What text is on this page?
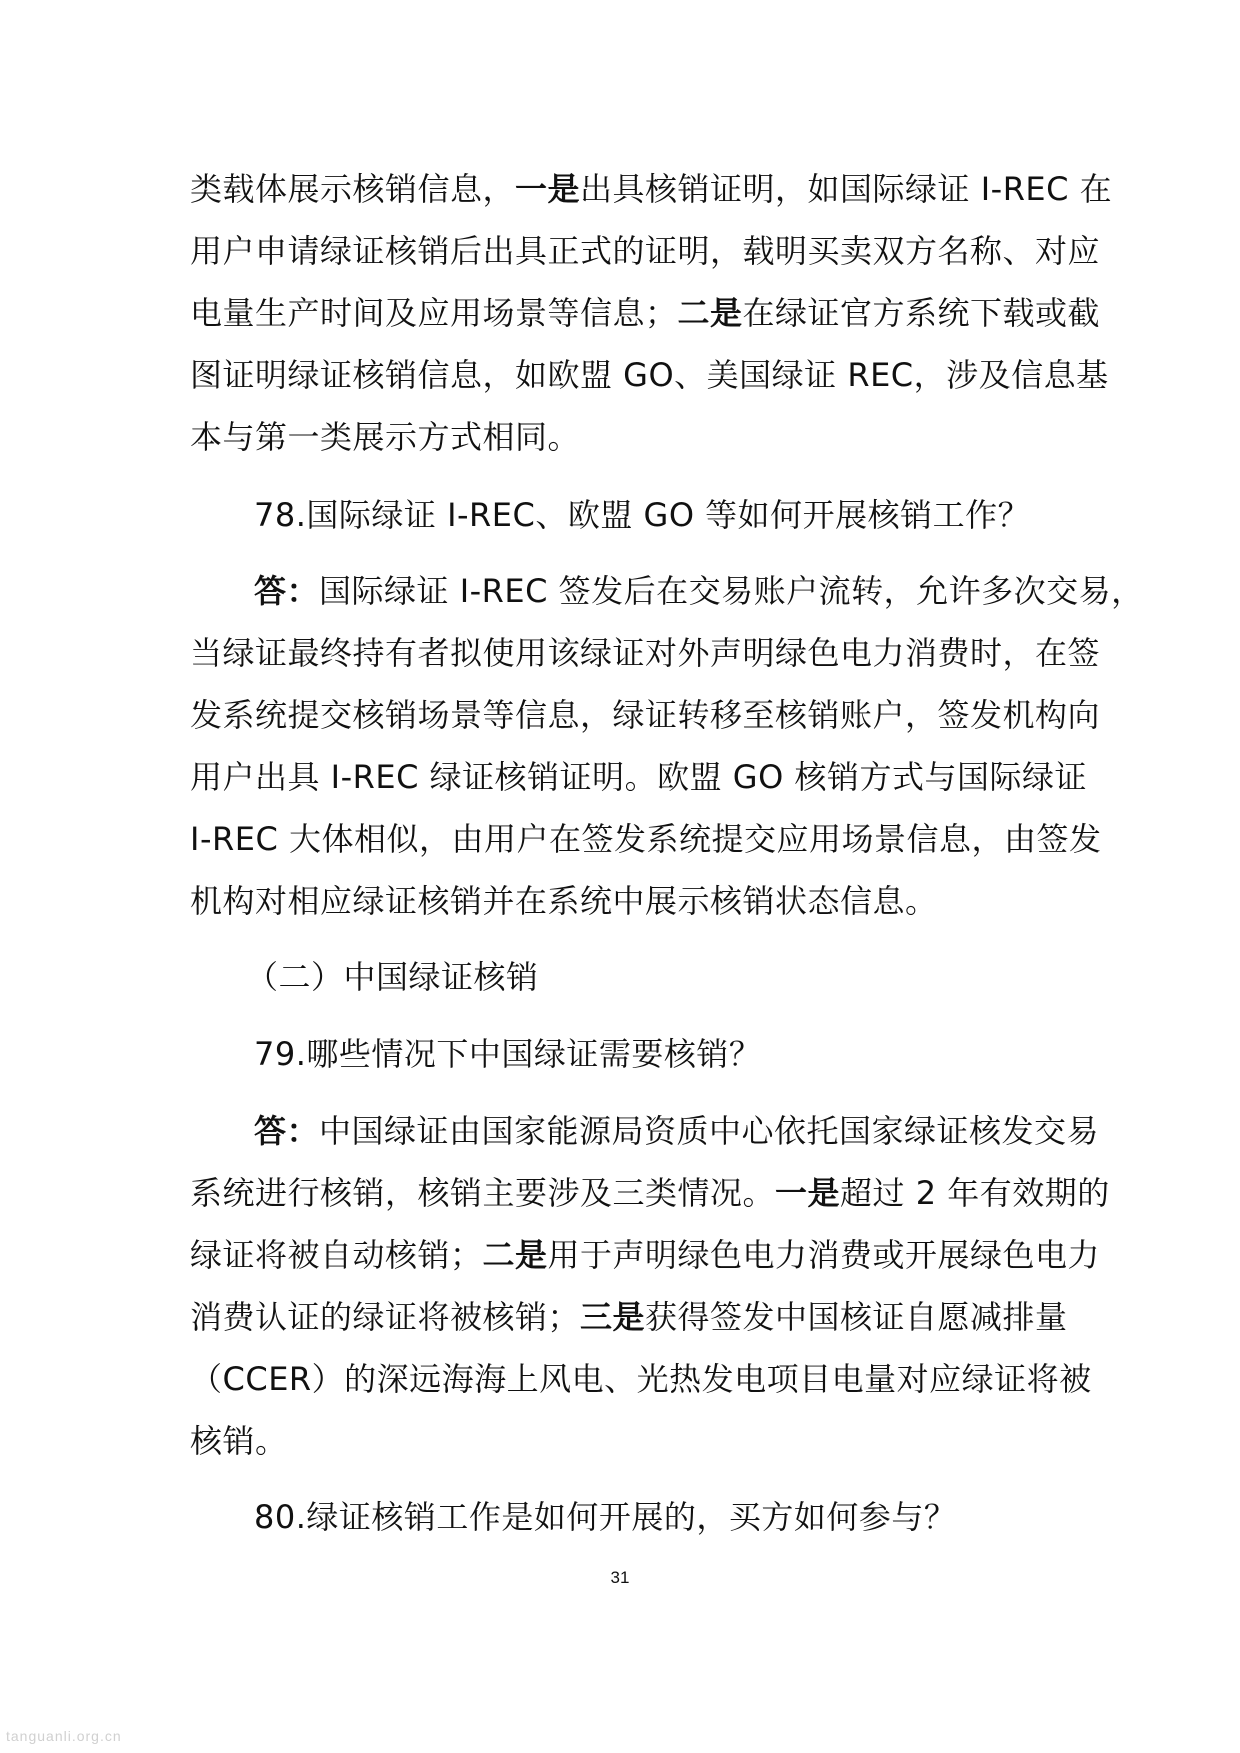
类载体展示核销信息，一是出具核销证明，如国际绿证 I-REC 在
用户申请绿证核销后出具正式的证明，载明买卖双方名称、对应
电量生产时间及应用场景等信息；二是在绿证官方系统下载或截
图证明绿证核销信息，如欧盟 GO、美国绿证 REC，涉及信息基
本与第一类展示方式相同。
78.国际绿证 I-REC、欧盟 GO 等如何开展核销工作？
答：国际绿证 I-REC 签发后在交易账户流转，允许多次交易，
当绿证最终持有者拟使用该绿证对外声明绿色电力消费时，在签
发系统提交核销场景等信息，绿证转移至核销账户，签发机构向
用户出具 I-REC 绿证核销证明。欧盟 GO 核销方式与国际绿证
I-REC 大体相似，由用户在签发系统提交应用场景信息，由签发
机构对相应绿证核销并在系统中展示核销状态信息。
（二）中国绿证核销
79.哪些情况下中国绿证需要核销？
答：中国绿证由国家能源局资质中心依托国家绿证核发交易
系统进行核销，核销主要涉及三类情况。一是超过 2 年有效期的
绿证将被自动核销；二是用于声明绿色电力消费或开展绿色电力
消费认证的绿证将被核销；三是获得签发中国核证自愿减排量
（CCER）的深远海海上风电、光热发电项目电量对应绿证将被
核销。
80.绿证核销工作是如何开展的，买方如何参与？
31
tanguanli.org.cn
